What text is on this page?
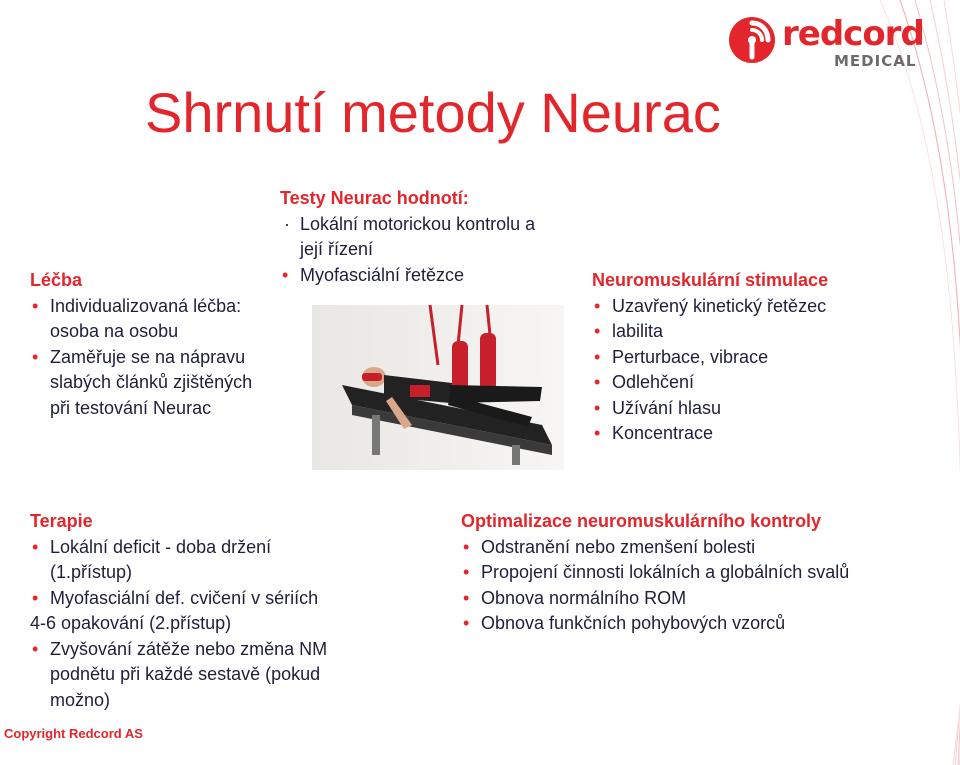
redcord
MEDICAL
Shrnutí metody Neurac
Léčba
• Individualizovaná léčba:
osoba na osobu
• Zaměřuje se na nápravu
slabých článků zjištěných
při testování Neurac
Testy Neurac hodnotí:
· Lokální motorickou kontrolu a
její řízení
• Myofasciální řetězce	Neuromuskulární stimulace
• Uzavřený kinetický řetězec
• labilita
• Perturbace, vibrace
• Odlehčení
• Užívání hlasu
• Koncentrace
Terapie
• Lokální deficit - doba držení
(1.přístup)
• Myofasciální def. cvičení v sériích
4-6 opakování (2.přístup)
• Zvyšování zátěže nebo změna NM
podnětu při každé sestavě (pokud
možno)
Optimalizace neuromuskulárního kontroly
• Odstranění nebo zmenšení bolesti
• Propojení činnosti lokálních a globálních svalů
• Obnova normálního ROM
• Obnova funkčních pohybových vzorců
Copyright Redcord AS
